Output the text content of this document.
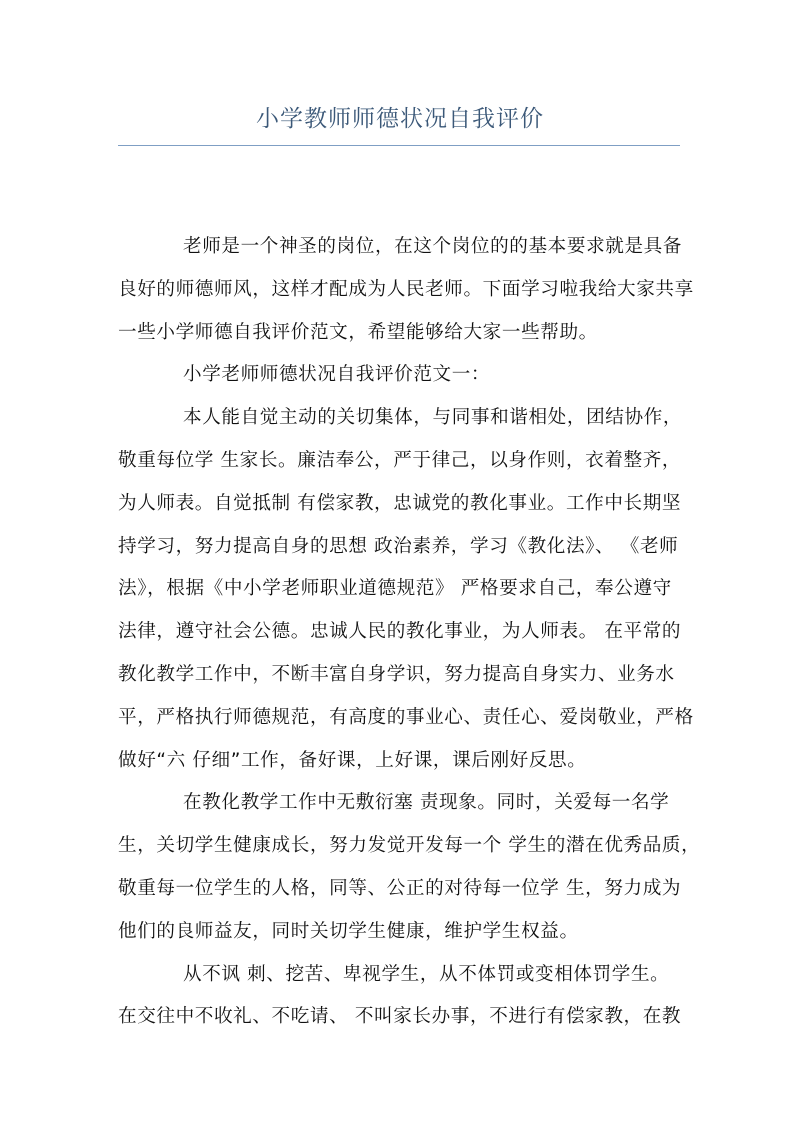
小学教师师德状况自我评价
老师是一个神圣的岗位，在这个岗位的的基本要求就是具备
良好的师德师风，这样才配成为人民老师。下面学习啦我给大家共享
一些小学师德自我评价范文，希望能够给大家一些帮助。
小学老师师德状况自我评价范文一：
本人能自觉主动的关切集体，与同事和谐相处，团结协作，
敬重每位学 生家长。廉洁奉公，严于律己，以身作则，衣着整齐，
为人师表。自觉抵制 有偿家教，忠诚党的教化事业。工作中长期坚
持学习，努力提高自身的思想 政治素养，学习《教化法》、 《老师
法》，根据《中小学老师职业道德规范》 严格要求自己，奉公遵守
法律，遵守社会公德。忠诚人民的教化事业，为人师表。 在平常的
教化教学工作中，不断丰富自身学识，努力提高自身实力、业务水
平，严格执行师德规范，有高度的事业心、责任心、爱岗敬业，严格
做好“六 仔细”工作，备好课，上好课，课后刚好反思。
在教化教学工作中无敷衍塞 责现象。同时，关爱每一名学
生，关切学生健康成长，努力发觉开发每一个 学生的潜在优秀品质，
敬重每一位学生的人格，同等、公正的对待每一位学 生，努力成为
他们的良师益友，同时关切学生健康，维护学生权益。
从不讽 刺、挖苦、卑视学生，从不体罚或变相体罚学生。
在交往中不收礼、不吃请、 不叫家长办事，不进行有偿家教，在教
